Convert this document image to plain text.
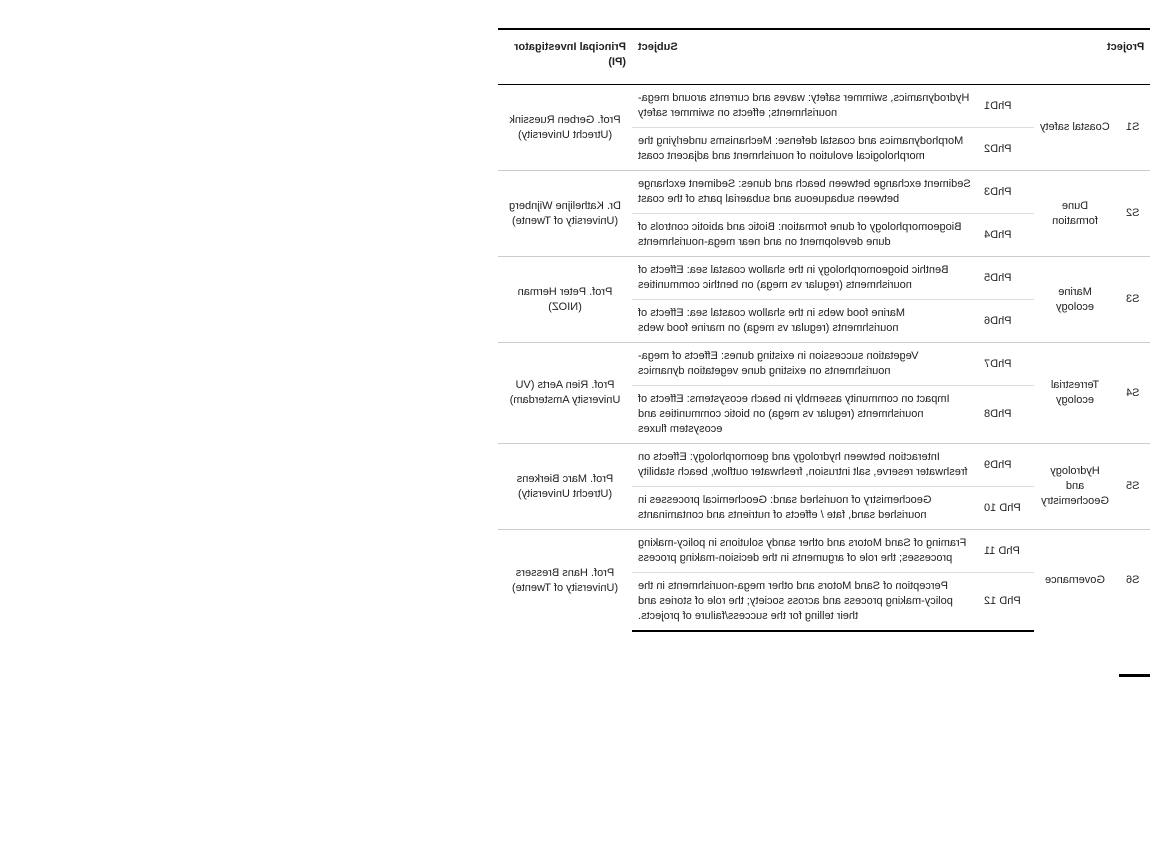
Project			Subject	Principal Investigator (PI)
S1	Coastal safety	PhD1	Hydrodynamics, swimmer safety: waves and currents around mega-nourishments; effects on swimmer safety	Prof. Gerben Ruessink (Utrecht University)
		PhD2	Morphodynamics and coastal defense: Mechanisms underlying the morphological evolution of nourishment and adjacent coast	
S2	Dune formation	PhD3	Sediment exchange between beach and dunes: Sediment exchange between subaqueous and subaerial parts of the coast	Dr. Kathelijne Wijnberg (University of Twente)
		PhD4	Biogeomorphology of dune formation: Biotic and abiotic controls of dune development on and near mega-nourishments	
S3	Marine ecology	PhD5	Benthic biogeomorphology in the shallow coastal sea: Effects of nourishments (regular vs mega) on benthic communities	Prof. Peter Herman (NIOZ)
		PhD6	Marine food webs in the shallow coastal sea: Effects of nourishments (regular vs mega) on marine food webs	
S4	Terrestrial ecology	PhD7	Vegetation succession in existing dunes: Effects of mega-nourishments on existing dune vegetation dynamics	Prof. Rien Aerts (VU University Amsterdam)
		PhD8	Impact on community assembly in beach ecosystems: Effects of nourishments (regular vs mega) on biotic communities and ecosystem fluxes	
S5	Hydrology and Geochemistry	PhD9	Interaction between hydrology and geomorphology: Effects on freshwater reserve, salt intrusion, freshwater outflow, beach stability	Prof. Marc Bierkens (Utrecht University)
		PhD 10	Geochemistry of nourished sand: Geochemical processes in nourished sand, fate / effects of nutrients and contaminants	
S6	Governance	PhD 11	Framing of Sand Motors and other sandy solutions in policy-making processes; the role of arguments in the decision-making process	Prof. Hans Bressers (University of Twente)
		PhD 12	Perception of Sand Motors and other mega-nourishments in the policy-making process and across society; the role of stories and their telling for the success/failure of projects.	
